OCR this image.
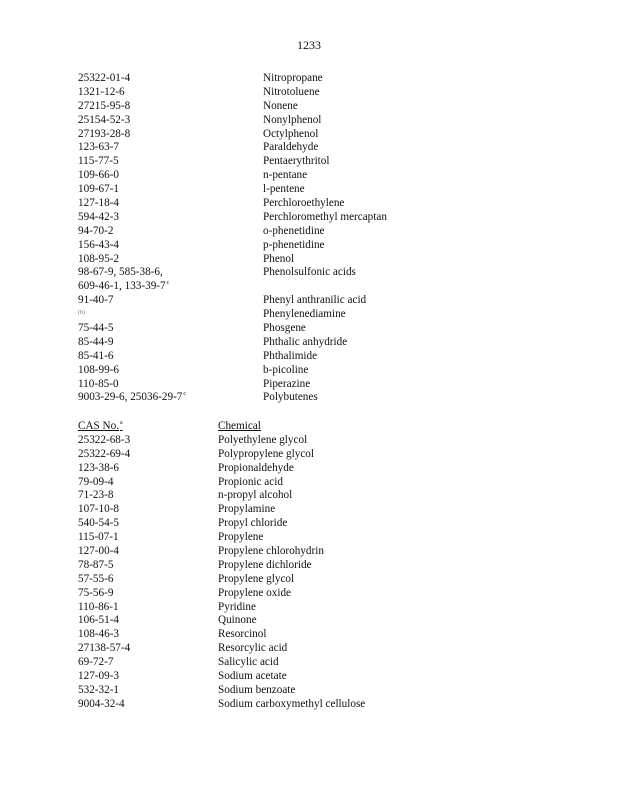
1233
25322-01-4	Nitropropane
1321-12-6	Nitrotoluene
27215-95-8	Nonene
25154-52-3	Nonylphenol
27193-28-8	Octylphenol
123-63-7	Paraldehyde
115-77-5	Pentaerythritol
109-66-0	n-pentane
109-67-1	l-pentene
127-18-4	Perchloroethylene
594-42-3	Perchloromethyl mercaptan
94-70-2	o-phenetidine
156-43-4	p-phenetidine
108-95-2	Phenol
98-67-9, 585-38-6,	Phenolsulfonic acids
609-46-1, 133-39-7$^c$
91-40-7	Phenyl anthranilic acid
$^{(b)}$	Phenylenediamine
75-44-5	Phosgene
85-44-9	Phthalic anhydride
85-41-6	Phthalimide
108-99-6	b-picoline
110-85-0	Piperazine
9003-29-6, 25036-29-7$^c$	Polybutenes
CAS No.$^a$	Chemical
25322-68-3	Polyethylene glycol
25322-69-4	Polypropylene glycol
123-38-6	Propionaldehyde
79-09-4	Propionic acid
71-23-8	n-propyl alcohol
107-10-8	Propylamine
540-54-5	Propyl chloride
115-07-1	Propylene
127-00-4	Propylene chlorohydrin
78-87-5	Propylene dichloride
57-55-6	Propylene glycol
75-56-9	Propylene oxide
110-86-1	Pyridine
106-51-4	Quinone
108-46-3	Resorcinol
27138-57-4	Resorcylic acid
69-72-7	Salicylic acid
127-09-3	Sodium acetate
532-32-1	Sodium benzoate
9004-32-4	Sodium carboxymethyl cellulose
